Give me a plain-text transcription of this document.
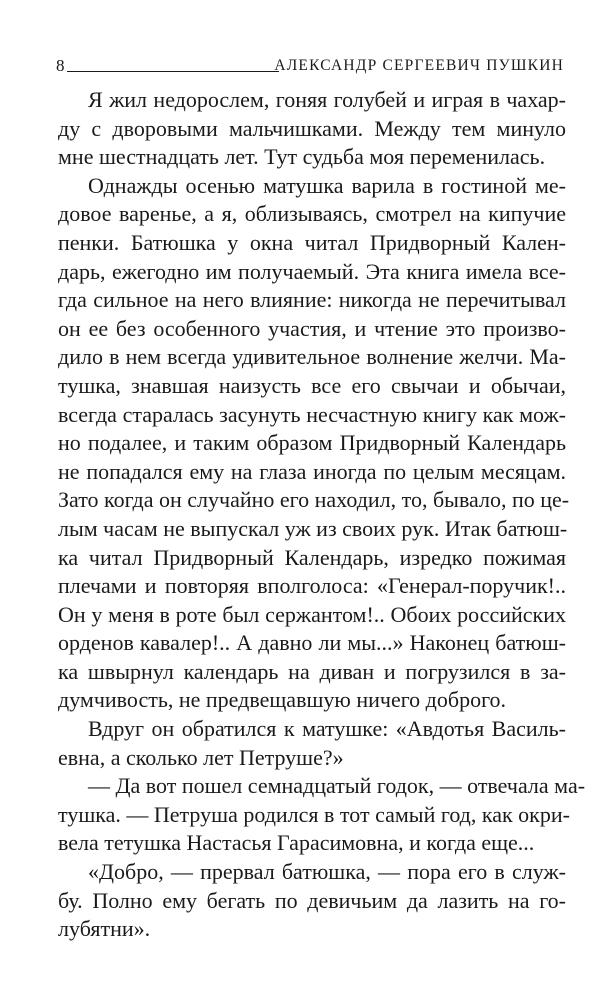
8	АЛЕКСАНДР СЕРГЕЕВИЧ ПУШКИН
Я жил недорослем, гоняя голубей и играя в чахар-
ду с дворовыми мальчишками. Между тем минуло
мне шестнадцать лет. Тут судьба моя переменилась.
Однажды осенью матушка варила в гостиной ме-
довое варенье, а я, облизываясь, смотрел на кипучие
пенки. Батюшка у окна читал Придворный Кален-
дарь, ежегодно им получаемый. Эта книга имела все-
гда сильное на него влияние: никогда не перечитывал
он ее без особенного участия, и чтение это произво-
дило в нем всегда удивительное волнение желчи. Ма-
тушка, знавшая наизусть все его свычаи и обычаи,
всегда старалась засунуть несчастную книгу как мож-
но подалее, и таким образом Придворный Календарь
не попадался ему на глаза иногда по целым месяцам.
Зато когда он случайно его находил, то, бывало, по це-
лым часам не выпускал уж из своих рук. Итак батюш-
ка читал Придворный Календарь, изредко пожимая
плечами и повторяя вполголоса: «Генерал-поручик!..
Он у меня в роте был сержантом!.. Обоих российских
орденов кавалер!.. А давно ли мы...» Наконец батюш-
ка швырнул календарь на диван и погрузился в за-
думчивость, не предвещавшую ничего доброго.
Вдруг он обратился к матушке: «Авдотья Василь-
евна, а сколько лет Петруше?»
— Да вот пошел семнадцатый годок, — отвечала ма-
тушка. — Петруша родился в тот самый год, как окри-
вела тетушка Настасья Гарасимовна, и когда еще...
«Добро, — прервал батюшка, — пора его в служ-
бу. Полно ему бегать по девичьим да лазить на го-
лубятни».
